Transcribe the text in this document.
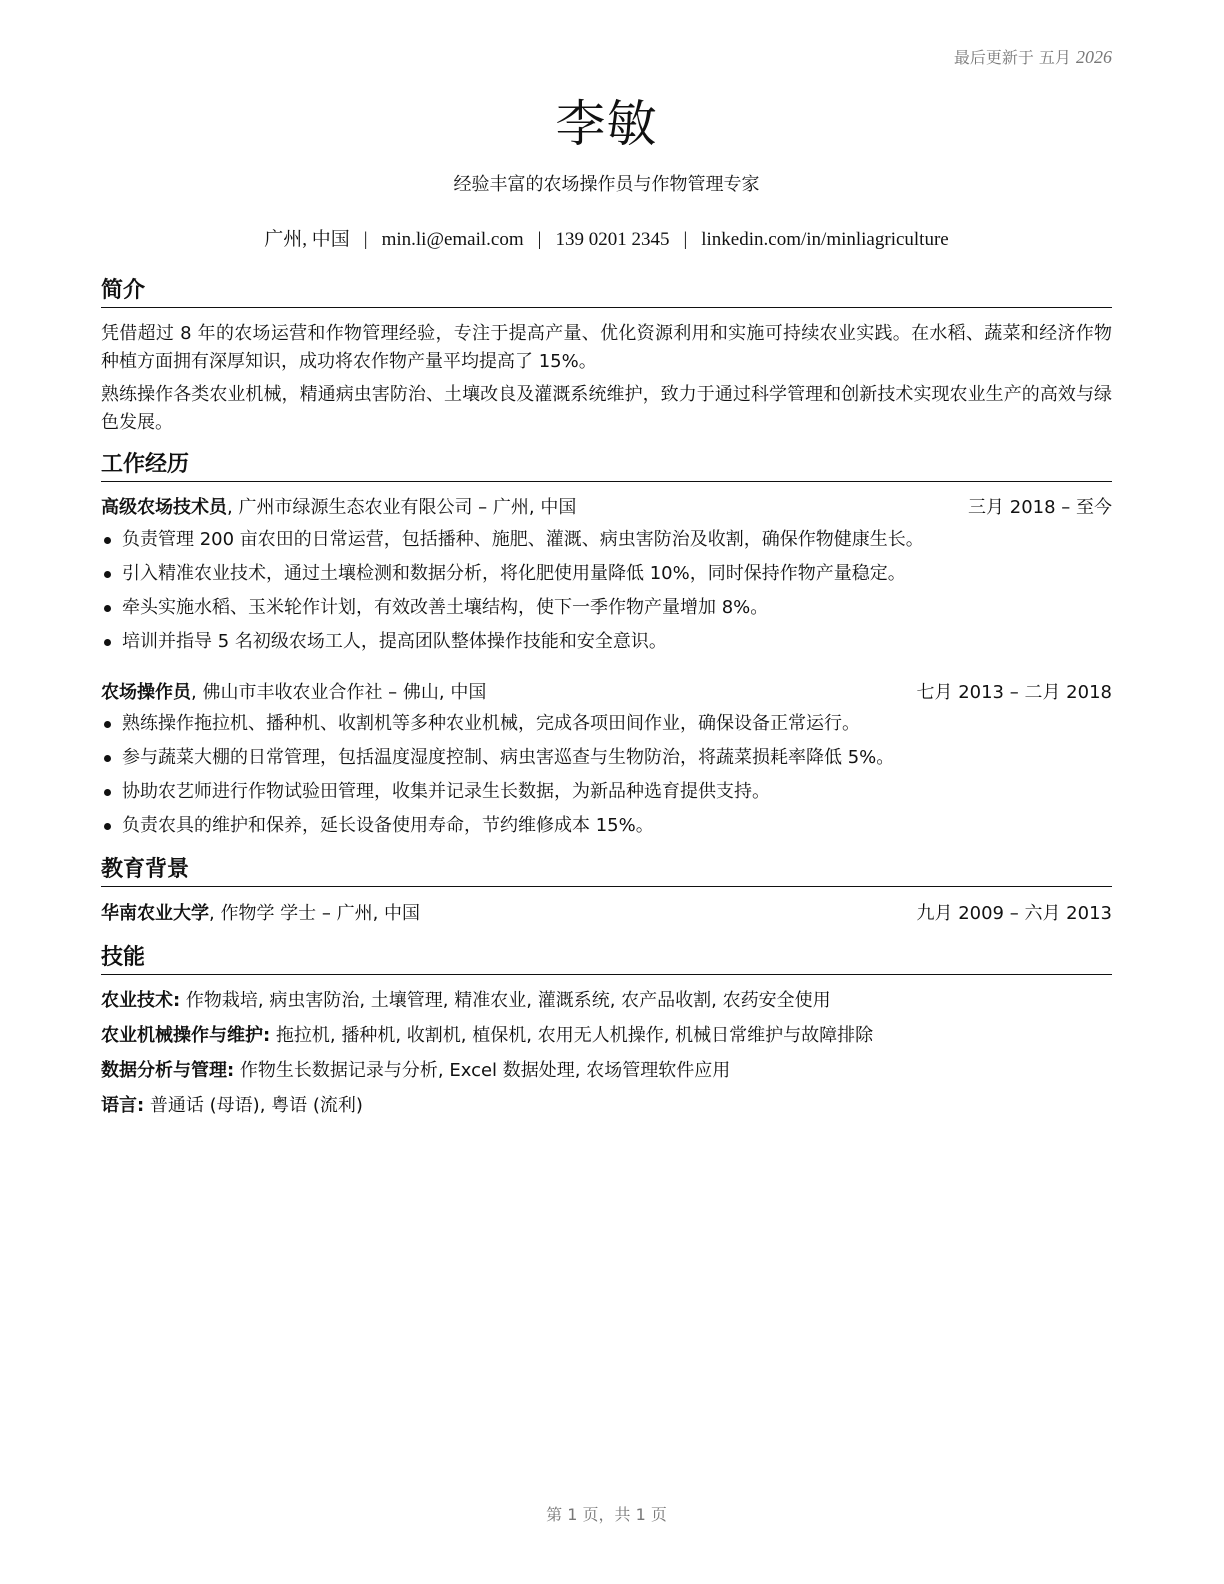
最后更新于 五月 2026
李敏
经验丰富的农场操作员与作物管理专家
广州, 中国 | min.li@email.com | 139 0201 2345 | linkedin.com/in/minliagriculture
简介
凭借超过 8 年的农场运营和作物管理经验，专注于提高产量、优化资源利用和实施可持续农业实践。在水稻、蔬菜和经济作物种植方面拥有深厚知识，成功将农作物产量平均提高了 15%。
熟练操作各类农业机械，精通病虫害防治、土壤改良及灌溉系统维护，致力于通过科学管理和创新技术实现农业生产的高效与绿色发展。
工作经历
高级农场技术员, 广州市绿源生态农业有限公司 – 广州, 中国	三月 2018 – 至今
负责管理 200 亩农田的日常运营，包括播种、施肥、灌溉、病虫害防治及收割，确保作物健康生长。
引入精准农业技术，通过土壤检测和数据分析，将化肥使用量降低 10%，同时保持作物产量稳定。
牵头实施水稻、玉米轮作计划，有效改善土壤结构，使下一季作物产量增加 8%。
培训并指导 5 名初级农场工人，提高团队整体操作技能和安全意识。
农场操作员, 佛山市丰收农业合作社 – 佛山, 中国	七月 2013 – 二月 2018
熟练操作拖拉机、播种机、收割机等多种农业机械，完成各项田间作业，确保设备正常运行。
参与蔬菜大棚的日常管理，包括温度湿度控制、病虫害巡查与生物防治，将蔬菜损耗率降低 5%。
协助农艺师进行作物试验田管理，收集并记录生长数据，为新品种选育提供支持。
负责农具的维护和保养，延长设备使用寿命，节约维修成本 15%。
教育背景
华南农业大学, 作物学 学士 – 广州, 中国	九月 2009 – 六月 2013
技能
农业技术: 作物栽培, 病虫害防治, 土壤管理, 精准农业, 灌溉系统, 农产品收割, 农药安全使用
农业机械操作与维护: 拖拉机, 播种机, 收割机, 植保机, 农用无人机操作, 机械日常维护与故障排除
数据分析与管理: 作物生长数据记录与分析, Excel 数据处理, 农场管理软件应用
语言: 普通话 (母语), 粤语 (流利)
第 1 页，共 1 页
